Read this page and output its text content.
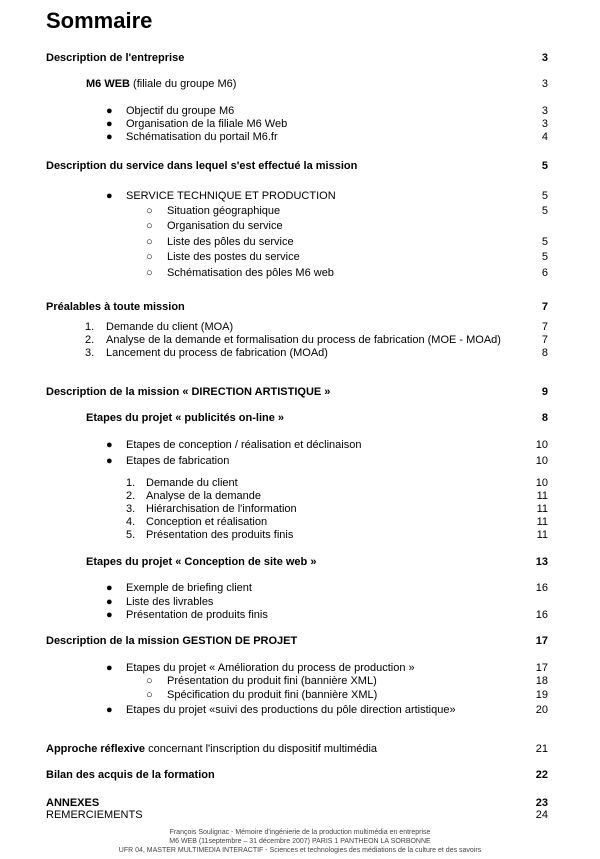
Sommaire
Description de l'entreprise	3
M6 WEB (filiale du groupe M6)	3
● Objectif du groupe M6	3
● Organisation de la filiale M6 Web	3
● Schématisation du portail M6.fr	4
Description du service dans lequel s'est effectué la mission	5
● SERVICE TECHNIQUE ET PRODUCTION	5
○ Situation géographique	5
○ Organisation du service
○ Liste des pôles du service	5
○ Liste des postes du service	5
○ Schématisation des pôles M6 web	6
Préalables à toute mission	7
1. Demande du client (MOA)	7
2. Analyse de la demande et formalisation du process de fabrication (MOE - MOAd)	7
3. Lancement du process de fabrication (MOAd)	8
Description de la mission « DIRECTION ARTISTIQUE »	9
Etapes du projet « publicités on-line »	8
● Etapes de conception / réalisation et déclinaison	10
● Etapes de fabrication	10
1. Demande du client	10
2. Analyse de la demande	11
3. Hiérarchisation de l'information	11
4. Conception et réalisation	11
5. Présentation des produits finis	11
Etapes du projet « Conception de site web »	13
● Exemple de briefing client	16
● Liste des livrables
● Présentation de produits finis	16
Description de la mission GESTION DE PROJET	17
● Etapes du projet « Amélioration du process de production »	17
○ Présentation du produit fini (bannière XML)	18
○ Spécification du produit fini (bannière XML)	19
● Etapes du projet «suivi des productions du pôle direction artistique»	20
Approche réflexive concernant l'inscription du dispositif multimédia	21
Bilan des acquis de la formation	22
ANNEXES	23
REMERCIEMENTS	24
François Soulignac - Mémoire d'ingénierie de la production multimédia en entreprise
M6 WEB (11septembre – 31 décembre 2007) PARIS 1 PANTHEON LA SORBONNE
UFR 04, MASTER MULTIMEDIA INTERACTIF - Sciences et technologies des médiations de la culture et des savoirs
